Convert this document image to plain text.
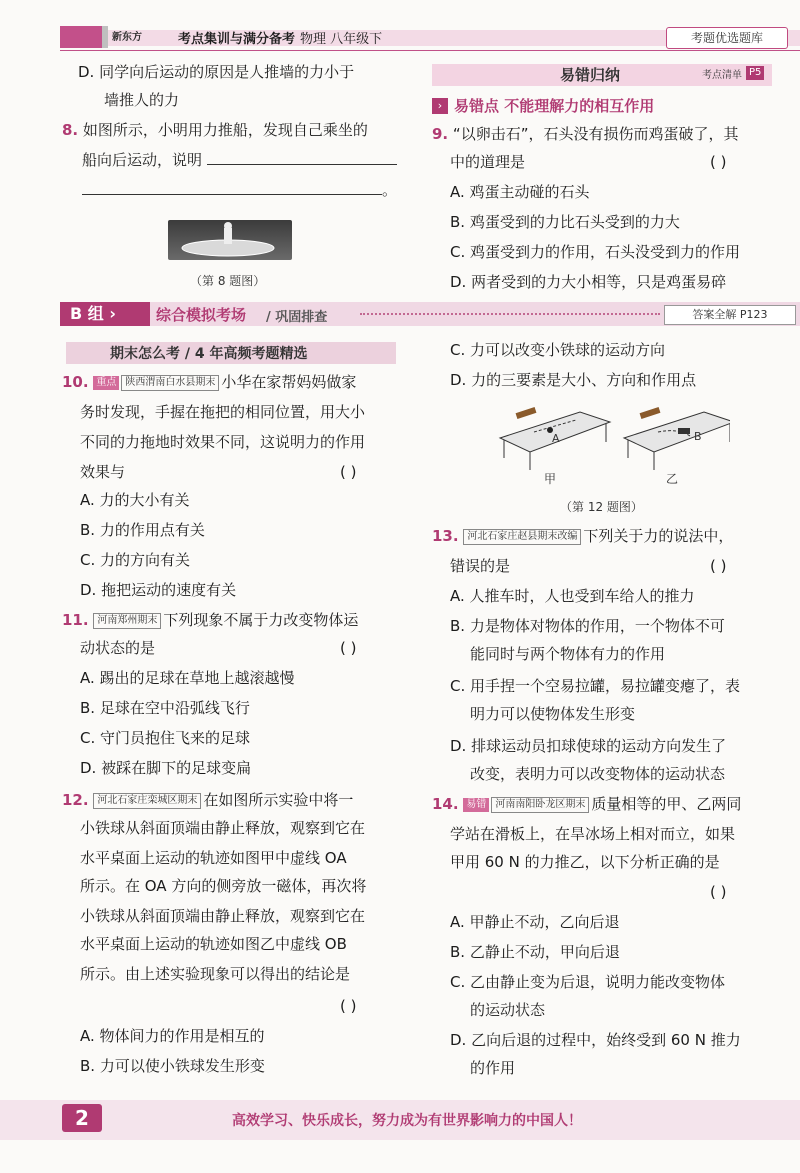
新东方	考点集训与满分备考 物理 八年级下	考题优选题库
D. 同学向后运动的原因是人推墙的力小于
墙推人的力
8. 如图所示，小明用力推船，发现自己乘坐的
船向后运动，说明
。
（第 8 题图）
易错归纳	考点清单 P5
› 易错点 不能理解力的相互作用
9. “以卵击石”，石头没有损伤而鸡蛋破了，其
中的道理是	( )
A. 鸡蛋主动碰的石头
B. 鸡蛋受到的力比石头受到的力大
C. 鸡蛋受到力的作用，石头没受到力的作用
D. 两者受到的力大小相等，只是鸡蛋易碎
B 组 ›	综合模拟考场 / 巩固排查	答案全解 P123
期末怎么考 / 4 年高频考题精选
10. 重点 陕西渭南白水县期末 小华在家帮妈妈做家
务时发现，手握在拖把的相同位置，用大小
不同的力拖地时效果不同，这说明力的作用
效果与	( )
A. 力的大小有关
B. 力的作用点有关
C. 力的方向有关
D. 拖把运动的速度有关
11. 河南郑州期末 下列现象不属于力改变物体运
动状态的是	( )
A. 踢出的足球在草地上越滚越慢
B. 足球在空中沿弧线飞行
C. 守门员抱住飞来的足球
D. 被踩在脚下的足球变扁
12. 河北石家庄栾城区期末 在如图所示实验中将一
小铁球从斜面顶端由静止释放，观察到它在
水平桌面上运动的轨迹如图甲中虚线 OA
所示。在 OA 方向的侧旁放一磁体，再次将
小铁球从斜面顶端由静止释放，观察到它在
水平桌面上运动的轨迹如图乙中虚线 OB
所示。由上述实验现象可以得出的结论是
( )
A. 物体间力的作用是相互的
B. 力可以使小铁球发生形变
C. 力可以改变小铁球的运动方向
D. 力的三要素是大小、方向和作用点
A	B
甲	乙
（第 12 题图）
13. 河北石家庄赵县期末改编 下列关于力的说法中，
错误的是	( )
A. 人推车时，人也受到车给人的推力
B. 力是物体对物体的作用，一个物体不可
能同时与两个物体有力的作用
C. 用手捏一个空易拉罐，易拉罐变瘪了，表
明力可以使物体发生形变
D. 排球运动员扣球使球的运动方向发生了
改变，表明力可以改变物体的运动状态
14. 易错 河南南阳卧龙区期末 质量相等的甲、乙两同
学站在滑板上，在旱冰场上相对而立，如果
甲用 60 N 的力推乙，以下分析正确的是
( )
A. 甲静止不动，乙向后退
B. 乙静止不动，甲向后退
C. 乙由静止变为后退，说明力能改变物体
的运动状态
D. 乙向后退的过程中，始终受到 60 N 推力
的作用
2	高效学习、快乐成长，努力成为有世界影响力的中国人！
